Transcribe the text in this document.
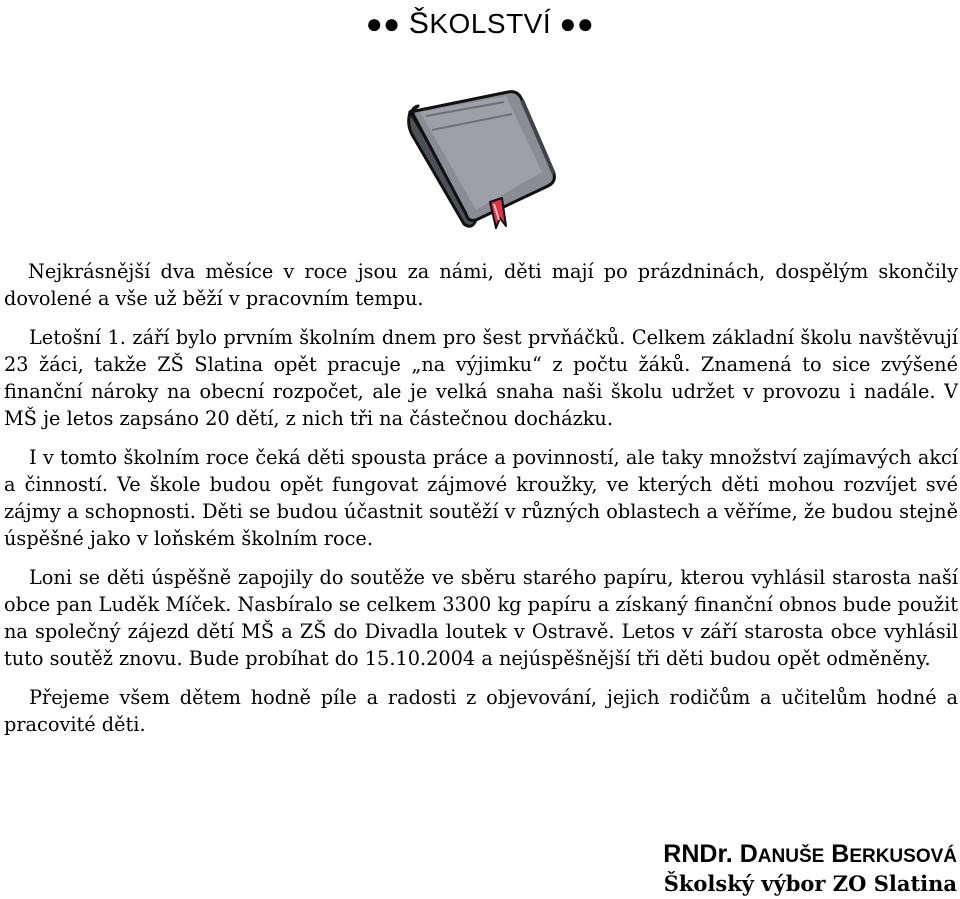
●● ŠKOLSTVÍ ●●

Nejkrásnější dva měsíce v roce jsou za námi, děti mají po prázdninách, dospělým skončily dovolené a vše už běží v pracovním tempu.

Letošní 1. září bylo prvním školním dnem pro šest prvňáčků. Celkem základní školu navštěvují 23 žáci, takže ZŠ Slatina opět pracuje „na výjimku“ z počtu žáků. Znamená to sice zvýšené finanční nároky na obecní rozpočet, ale je velká snaha naši školu udržet v provozu i nadále. V MŠ je letos zapsáno 20 dětí, z nich tři na částečnou docházku.

I v tomto školním roce čeká děti spousta práce a povinností, ale taky množství zajímavých akcí a činností. Ve škole budou opět fungovat zájmové kroužky, ve kterých děti mohou rozvíjet své zájmy a schopnosti. Děti se budou účastnit soutěží v různých oblastech a věříme, že budou stejně úspěšné jako v loňském školním roce.

Loni se děti úspěšně zapojily do soutěže ve sběru starého papíru, kterou vyhlásil starosta naší obce pan Luděk Míček. Nasbíralo se celkem 3300 kg papíru a získaný finanční obnos bude použit na společný zájezd dětí MŠ a ZŠ do Divadla loutek v Ostravě. Letos v září starosta obce vyhlásil tuto soutěž znovu. Bude probíhat do 15.10.2004 a nejúspěšnější tři děti budou opět odměněny.

Přejeme všem dětem hodně píle a radosti z objevování, jejich rodičům a učitelům hodné a pracovité děti.

RNDr. DANUŠE BERKUSOVÁ
Školský výbor ZO Slatina
